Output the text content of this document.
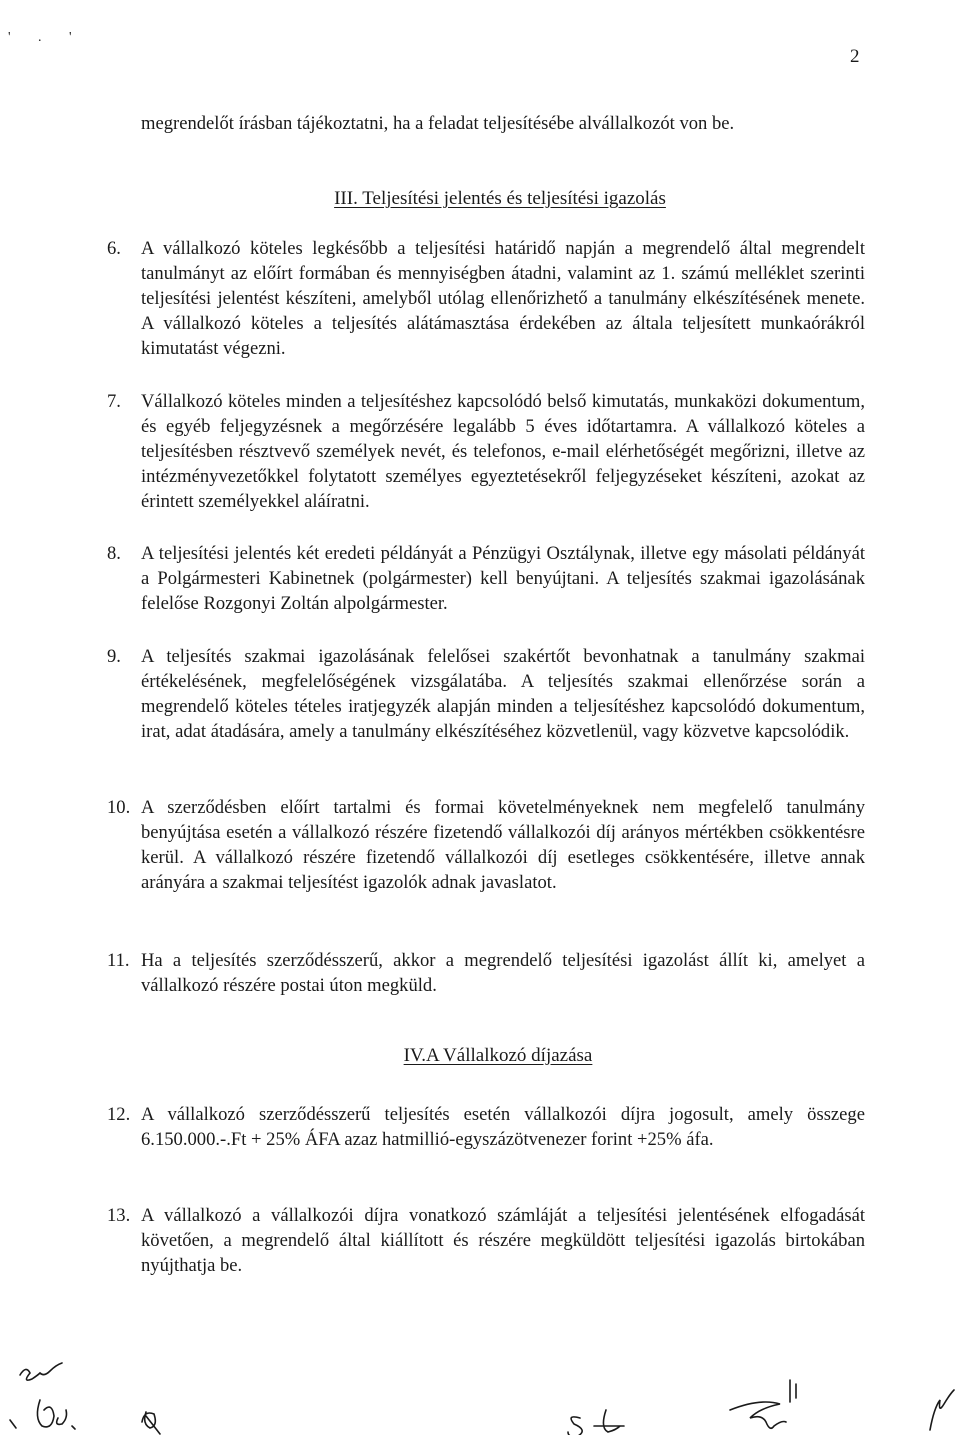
' . '
2
megrendelőt írásban tájékoztatni, ha a feladat teljesítésébe alvállalkozót von be.
III. Teljesítési jelentés és teljesítési igazolás
6. A vállalkozó köteles legkésőbb a teljesítési határidő napján a megrendelő által megrendelt tanulmányt az előírt formában és mennyiségben átadni, valamint az 1. számú melléklet szerinti teljesítési jelentést készíteni, amelyből utólag ellenőrizhető a tanulmány elkészítésének menete. A vállalkozó köteles a teljesítés alátámasztása érdekében az általa teljesített munkaórákról kimutatást végezni.
7. Vállalkozó köteles minden a teljesítéshez kapcsolódó belső kimutatás, munkaközi dokumentum, és egyéb feljegyzésnek a megőrzésére legalább 5 éves időtartamra. A vállalkozó köteles a teljesítésben résztvevő személyek nevét, és telefonos, e-mail elérhetőségét megőrizni, illetve az intézményvezetőkkel folytatott személyes egyeztetésekről feljegyzéseket készíteni, azokat az érintett személyekkel aláíratni.
8. A teljesítési jelentés két eredeti példányát a Pénzügyi Osztálynak, illetve egy másolati példányát a Polgármesteri Kabinetnek (polgármester) kell benyújtani. A teljesítés szakmai igazolásának felelőse Rozgonyi Zoltán alpolgármester.
9. A teljesítés szakmai igazolásának felelősei szakértőt bevonhatnak a tanulmány szakmai értékelésének, megfelelőségének vizsgálatába. A teljesítés szakmai ellenőrzése során a megrendelő köteles tételes iratjegyzék alapján minden a teljesítéshez kapcsolódó dokumentum, irat, adat átadására, amely a tanulmány elkészítéséhez közvetlenül, vagy közvetve kapcsolódik.
10. A szerződésben előírt tartalmi és formai követelményeknek nem megfelelő tanulmány benyújtása esetén a vállalkozó részére fizetendő vállalkozói díj arányos mértékben csökkentésre kerül. A vállalkozó részére fizetendő vállalkozói díj esetleges csökkentésére, illetve annak arányára a szakmai teljesítést igazolók adnak javaslatot.
11. Ha a teljesítés szerződésszerű, akkor a megrendelő teljesítési igazolást állít ki, amelyet a vállalkozó részére postai úton megküld.
IV.A Vállalkozó díjazása
12. A vállalkozó szerződésszerű teljesítés esetén vállalkozói díjra jogosult, amely összege 6.150.000.-.Ft + 25% ÁFA azaz hatmillió-egyszázötvenezer forint +25% áfa.
13. A vállalkozó a vállalkozói díjra vonatkozó számláját a teljesítési jelentésének elfogadását követően, a megrendelő által kiállított és részére megküldött teljesítési igazolás birtokában nyújthatja be.
